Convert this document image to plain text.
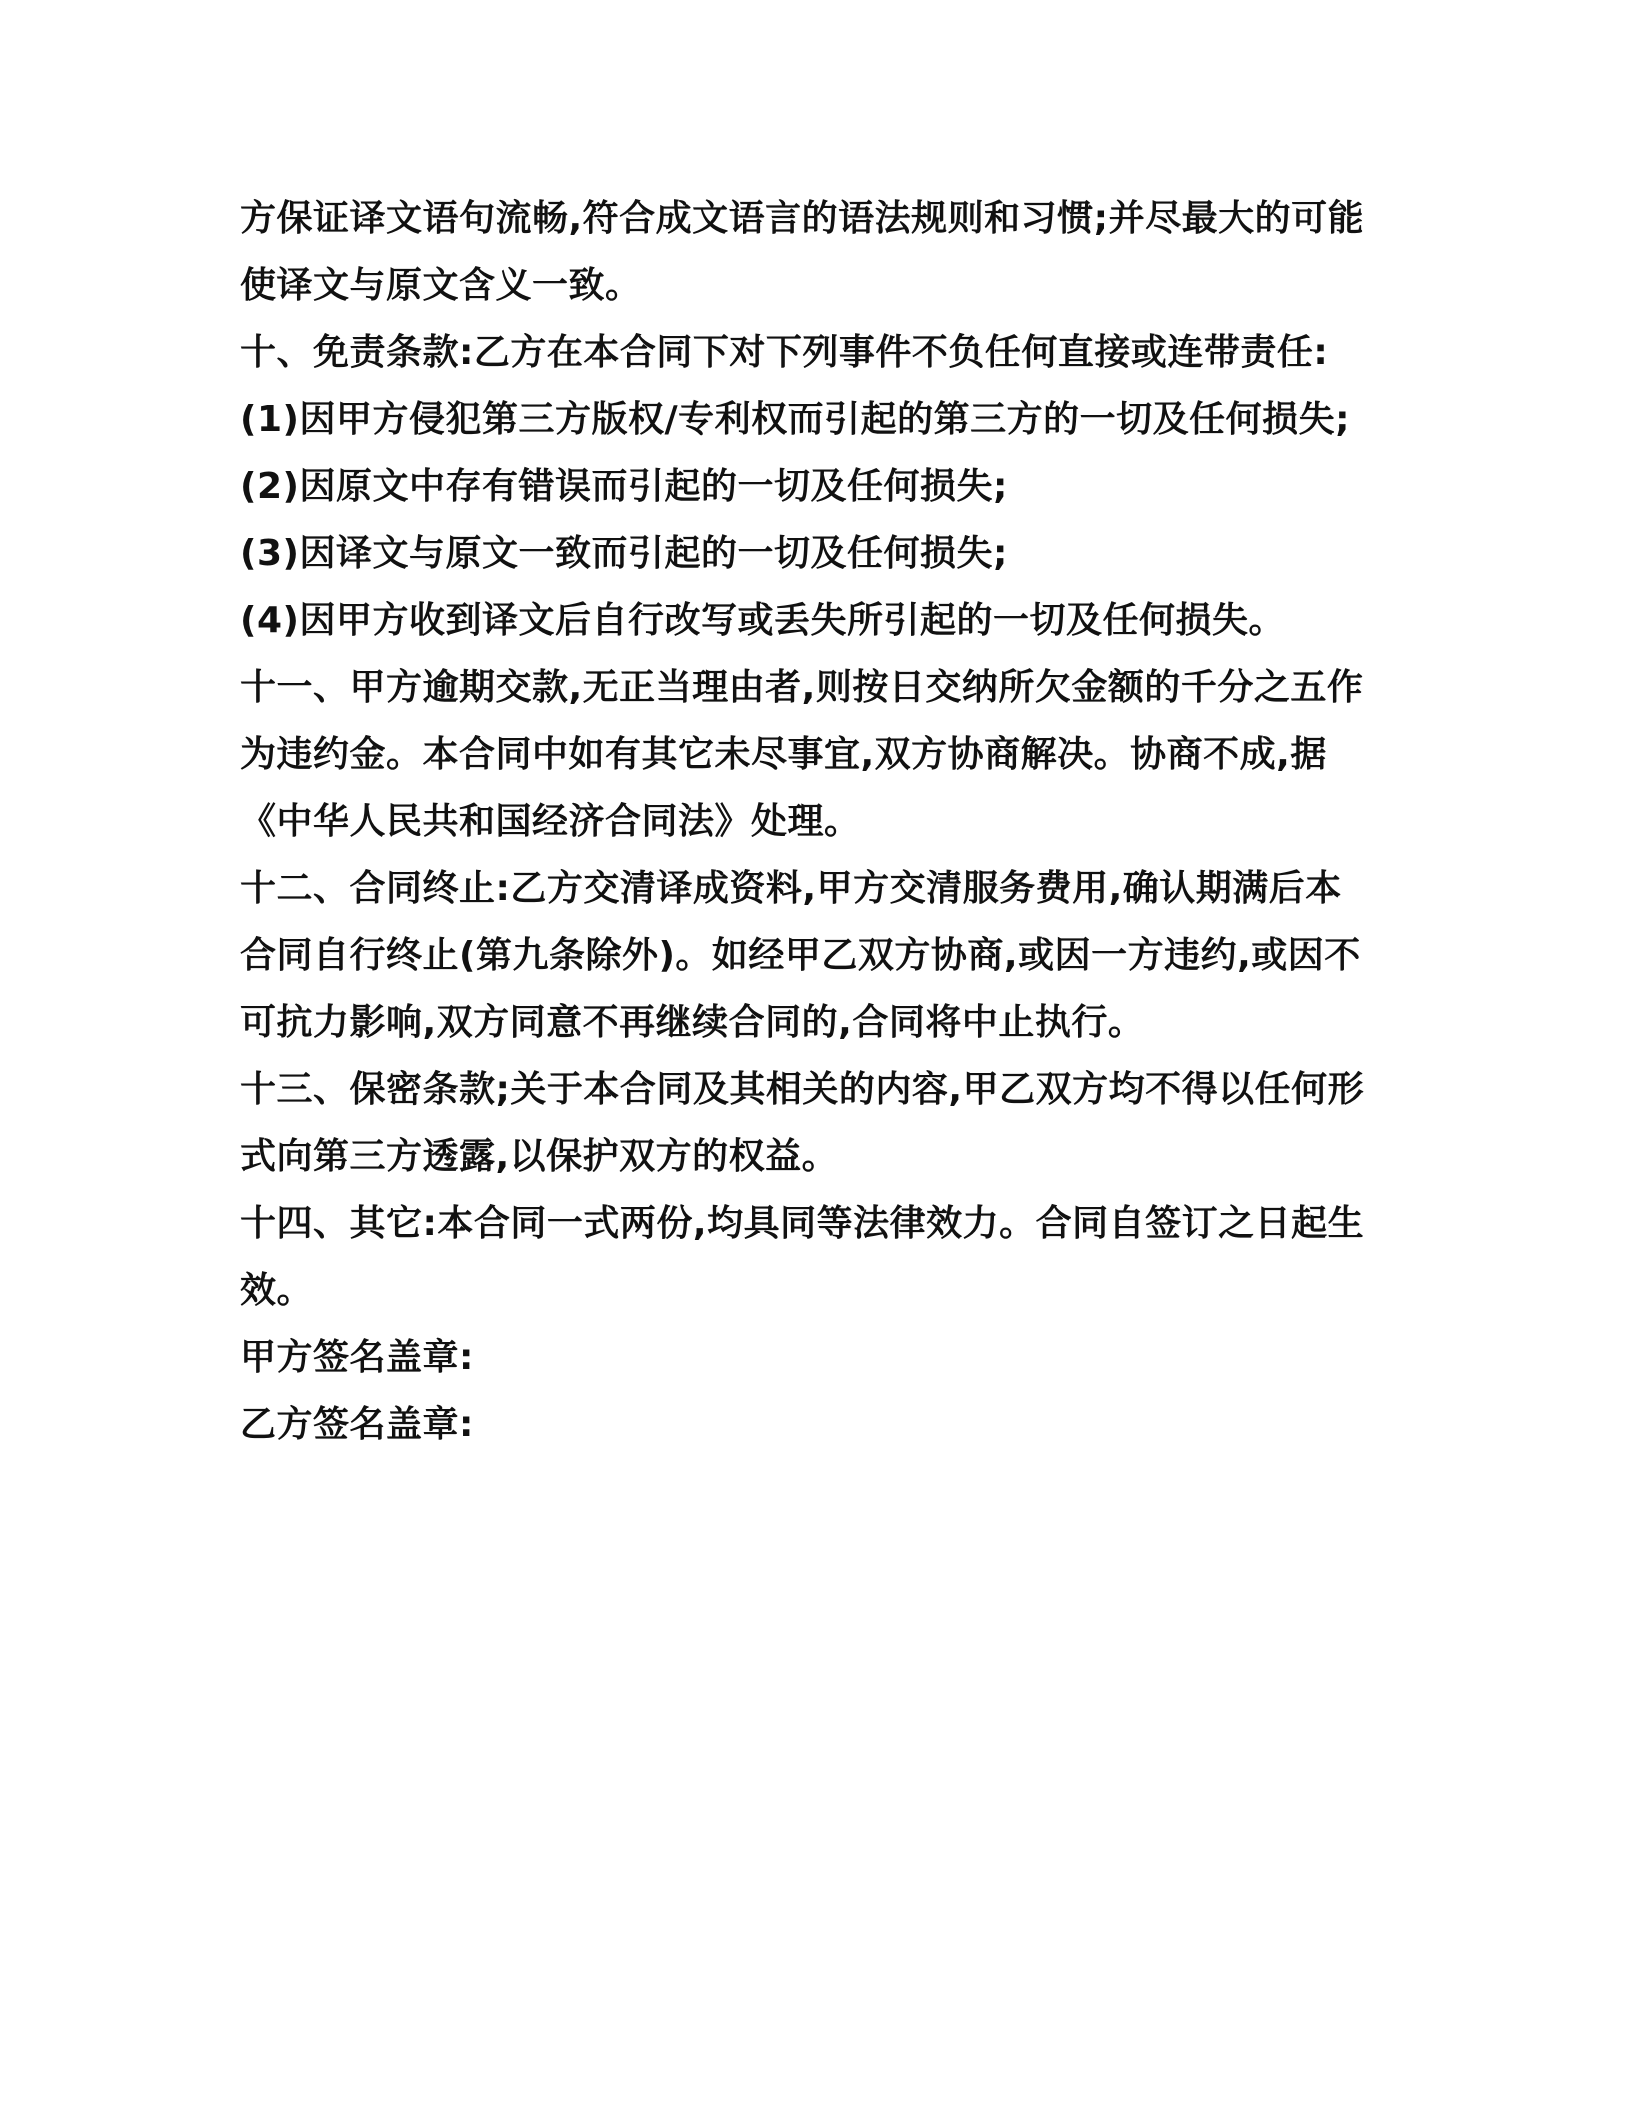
方保证译文语句流畅,符合成文语言的语法规则和习惯;并尽最大的可能
使译文与原文含义一致。
十、免责条款:乙方在本合同下对下列事件不负任何直接或连带责任:
(1)因甲方侵犯第三方版权/专利权而引起的第三方的一切及任何损失;
(2)因原文中存有错误而引起的一切及任何损失;
(3)因译文与原文一致而引起的一切及任何损失;
(4)因甲方收到译文后自行改写或丢失所引起的一切及任何损失。
十一、甲方逾期交款,无正当理由者,则按日交纳所欠金额的千分之五作
为违约金。本合同中如有其它未尽事宜,双方协商解决。协商不成,据
《中华人民共和国经济合同法》处理。
十二、合同终止:乙方交清译成资料,甲方交清服务费用,确认期满后本
合同自行终止(第九条除外)。如经甲乙双方协商,或因一方违约,或因不
可抗力影响,双方同意不再继续合同的,合同将中止执行。
十三、保密条款;关于本合同及其相关的内容,甲乙双方均不得以任何形
式向第三方透露,以保护双方的权益。
十四、其它:本合同一式两份,均具同等法律效力。合同自签订之日起生
效。
甲方签名盖章:
乙方签名盖章:
